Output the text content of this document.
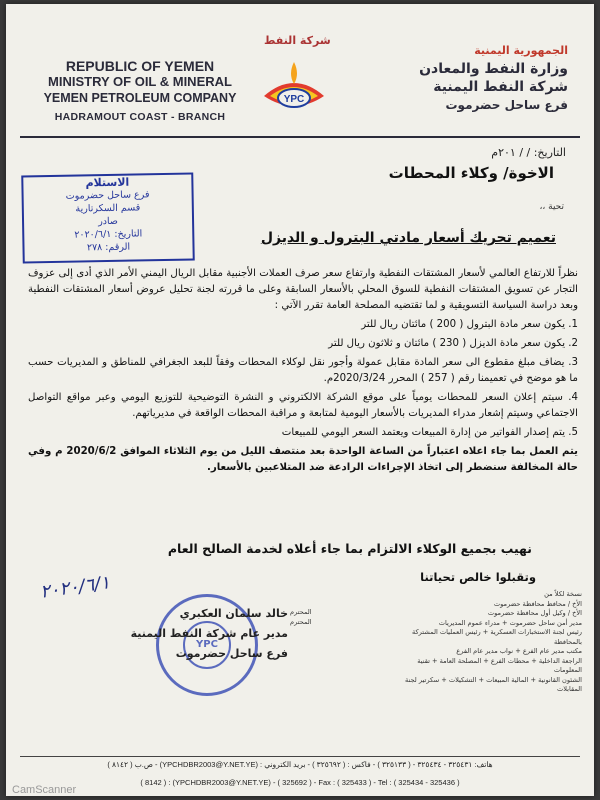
REPUBLIC OF YEMEN
MINISTRY OF OIL & MINERAL
YEMEN PETROLEUM COMPANY
HADRAMOUT COAST - BRANCH
شركة النفط
YPC
الجمهورية اليمنية
وزارة النفط والمعادن
شركة النفط اليمنية
فرع ساحل حضرموت
التاريخ: / / ٢٠١م
الاخوة/ وكلاء المحطات
تحية ،،
الاستلام
فرع ساحل حضرموت
قسم السكرتارية
صادر
التاريخ: ٢٠٢٠/٦/١
الرقم: ٢٧٨
تعميم تحريك أسعار مادتي البترول و الديزل

نظراً للارتفاع العالمي لأسعار المشتقات النفطية وارتفاع سعر صرف العملات الأجنبية مقابل الريال اليمني الأمر الذي أدى إلى عزوف التجار عن تسويق المشتقات النفطية للسوق المحلي بالأسعار السابقة وعلى ما قررته لجنة تحليل عروض أسعار المشتقات النفطية وبعد دراسة السياسة التسويقية و لما تقتضيه المصلحة العامة تقرر الآتي :

1. يكون سعر مادة البترول ( 200 ) مائتان ريال للتر
2. يكون سعر مادة الديزل ( 230 ) مائتان و ثلاثون ريال للتر
3. يضاف مبلغ مقطوع الى سعر المادة مقابل عمولة وأجور نقل لوكلاء المحطات وفقاً للبعد الجغرافي للمناطق و المديريات حسب ما هو موضح في تعميمنا رقم ( 257 ) المحرر 2020/3/24م.
4. سيتم إعلان السعر للمحطات يومياً على موقع الشركة الالكتروني و النشرة التوضيحية للتوزيع اليومي وعبر مواقع التواصل الاجتماعي وسيتم إشعار مدراء المديريات بالأسعار اليومية لمتابعة و مراقبة المحطات الواقعة في مديرياتهم.
5. يتم إصدار الفواتير من إدارة المبيعات ويعتمد السعر اليومي للمبيعات

يتم العمل بما جاء اعلاه اعتباراً من الساعة الواحدة بعد منتصف الليل من يوم الثلاثاء الموافق 2020/6/2 م وفي حالة المخالفة سنضطر إلى اتخاذ الإجراءات الرادعة ضد المتلاعبين بالأسعار.

نهيب بجميع الوكلاء الالتزام بما جاء أعلاه لخدمة الصالح العام
وتقبلوا خالص تحياتنا
نسخة لكلاً من
الأخ / محافظ محافظة حضرموت
الأخ / وكيل أول محافظة حضرموت
مدير أمن ساحل حضرموت + مدراء عموم المديريات
رئيس لجنة الاستخبارات العسكرية + رئيس العمليات المشتركة بالمحافظة
مكتب مدير عام الفرع + نواب مدير عام الفرع
الراجعة الداخلية + محطات الفرع + المصلحة العامة + تقنية المعلومات
الشئون القانونية + المالية المبيعات + التشكيلات + سكرتير لجنة المقابلات
المحترم
المحترم
٢٠٢٠/٦/١
YPC
خالد سلمان العكبري
مدير عام شركة النفط اليمنية
فرع ساحل حضرموت
هاتف: ٣٢٥٤٣١ - ٣٢٥٤٣٤ - ( ٣٢٥١٣٣ ) - فاكس : ( ٣٢٥٦٩٢ ) - بريد الكتروني : (YPCHDBR2003@Y.NET.YE) - ص.ب ( ٨١٤٢ )
( 8142 ) : (YPCHDBR2003@Y.NET.YE) - ( 325692 ) - Fax : ( 325433 ) - Tel : ( 325434 - 325436 )
CamScanner
